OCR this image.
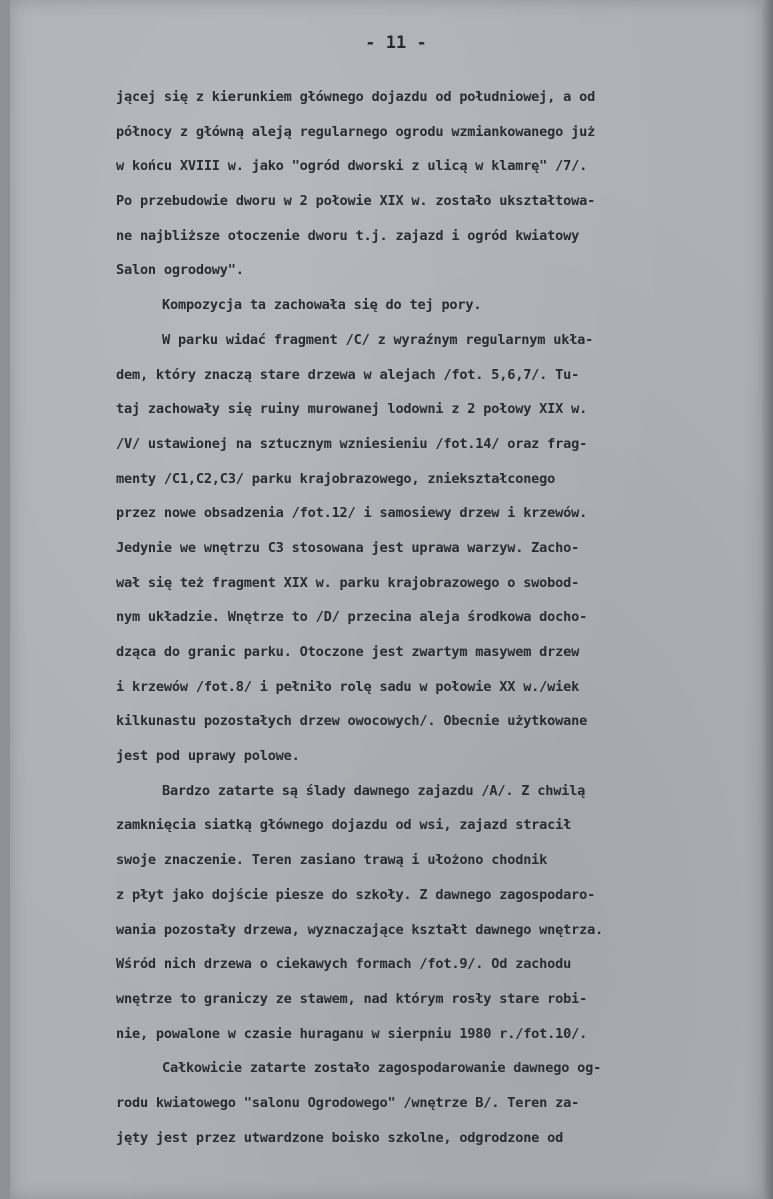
- 11 -
jącej się z kierunkiem głównego dojazdu od południowej, a od
północy z główną aleją regularnego ogrodu wzmiankowanego już
w końcu XVIII w. jako "ogród dworski z ulicą w klamrę" /7/.
Po przebudowie dworu w 2 połowie XIX w. zostało ukształtowa-
ne najbliższe otoczenie dworu t.j. zajazd i ogród kwiatowy
Salon ogrodowy".
Kompozycja ta zachowała się do tej pory.
W parku widać fragment /C/ z wyraźnym regularnym ukła-
dem, który znaczą stare drzewa w alejach /fot. 5,6,7/. Tu-
taj zachowały się ruiny murowanej lodowni z 2 połowy XIX w.
/V/ ustawionej na sztucznym wzniesieniu /fot.14/ oraz frag-
menty /C1,C2,C3/ parku krajobrazowego, zniekształconego
przez nowe obsadzenia /fot.12/ i samosiewy drzew i krzewów.
Jedynie we wnętrzu C3 stosowana jest uprawa warzyw. Zacho-
wał się też fragment XIX w. parku krajobrazowego o swobod-
nym układzie. Wnętrze to /D/ przecina aleja środkowa docho-
dząca do granic parku. Otoczone jest zwartym masywem drzew
i krzewów /fot.8/ i pełniło rolę sadu w połowie XX w./wiek
kilkunastu pozostałych drzew owocowych/. Obecnie użytkowane
jest pod uprawy polowe.
Bardzo zatarte są ślady dawnego zajazdu /A/. Z chwilą
zamknięcia siatką głównego dojazdu od wsi, zajazd stracił
swoje znaczenie. Teren zasiano trawą i ułożono chodnik
z płyt jako dojście piesze do szkoły. Z dawnego zagospodaro-
wania pozostały drzewa, wyznaczające kształt dawnego wnętrza.
Wśród nich drzewa o ciekawych formach /fot.9/. Od zachodu
wnętrze to graniczy ze stawem, nad którym rosły stare robi-
nie, powalone w czasie huraganu w sierpniu 1980 r./fot.10/.
Całkowicie zatarte zostało zagospodarowanie dawnego og-
rodu kwiatowego "salonu Ogrodowego" /wnętrze B/. Teren za-
jęty jest przez utwardzone boisko szkolne, odgrodzone od
